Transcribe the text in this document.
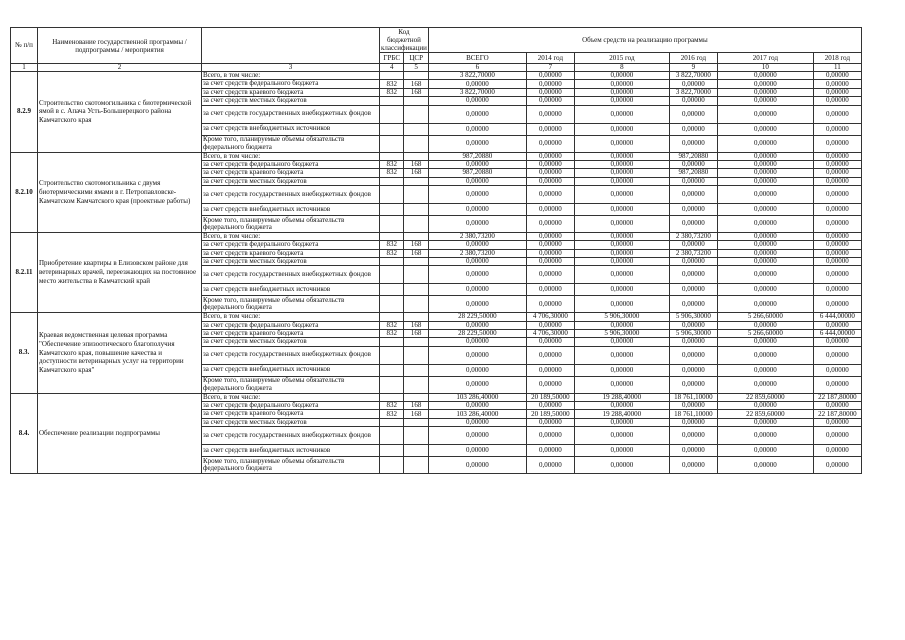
№ п/п	Наименование государственной программы / подпрограммы / мероприятия		Код бюджетной классификации		Объем средств на реализацию программы					
			ГРБС	ЦСР	ВСЕГО	2014 год	2015 год	2016 год	2017 год	2018 год
1	2	3	4	5	6	7	8	9	10	11
8.2.9	Строительство скотомогильника с биотермической ямой в с. Апача Усть-Большерецкого района Камчатского края	Всего, в том числе:			3 822,70000	0,00000	0,00000	3 822,70000	0,00000	0,00000
		за счет средств федерального бюджета	832	168	0,00000	0,00000	0,00000	0,00000	0,00000	0,00000
		за счет средств краевого бюджета	832	168	3 822,70000	0,00000	0,00000	3 822,70000	0,00000	0,00000
		за счет средств местных бюджетов			0,00000	0,00000	0,00000	0,00000	0,00000	0,00000
		за счет средств государственных внебюджетных фондов			0,00000	0,00000	0,00000	0,00000	0,00000	0,00000
		за счет средств внебюджетных источников			0,00000	0,00000	0,00000	0,00000	0,00000	0,00000
		Кроме того, планируемые объемы обязательств федерального бюджета			0,00000	0,00000	0,00000	0,00000	0,00000	0,00000
8.2.10	Строительство скотомогильника с двумя биотермическими ямами в г. Петропавловске-Камчатском Камчатского края (проектные работы)	Всего, в том числе:			987,20880	0,00000	0,00000	987,20880	0,00000	0,00000
		за счет средств федерального бюджета	832	168	0,00000	0,00000	0,00000	0,00000	0,00000	0,00000
		за счет средств краевого бюджета	832	168	987,20880	0,00000	0,00000	987,20880	0,00000	0,00000
		за счет средств местных бюджетов			0,00000	0,00000	0,00000	0,00000	0,00000	0,00000
		за счет средств государственных внебюджетных фондов			0,00000	0,00000	0,00000	0,00000	0,00000	0,00000
		за счет средств внебюджетных источников			0,00000	0,00000	0,00000	0,00000	0,00000	0,00000
		Кроме того, планируемые объемы обязательств федерального бюджета			0,00000	0,00000	0,00000	0,00000	0,00000	0,00000
8.2.11	Приобретение квартиры в Елизовском районе для ветеринарных врачей, переезжающих на постоянное место жительства в Камчатский край	Всего, в том числе:			2 380,73200	0,00000	0,00000	2 380,73200	0,00000	0,00000
		за счет средств федерального бюджета	832	168	0,00000	0,00000	0,00000	0,00000	0,00000	0,00000
		за счет средств краевого бюджета	832	168	2 380,73200	0,00000	0,00000	2 380,73200	0,00000	0,00000
		за счет средств местных бюджетов			0,00000	0,00000	0,00000	0,00000	0,00000	0,00000
		за счет средств государственных внебюджетных фондов			0,00000	0,00000	0,00000	0,00000	0,00000	0,00000
		за счет средств внебюджетных источников			0,00000	0,00000	0,00000	0,00000	0,00000	0,00000
		Кроме того, планируемые объемы обязательств федерального бюджета			0,00000	0,00000	0,00000	0,00000	0,00000	0,00000
8.3.	Краевая ведомственная целевая программа "Обеспечение эпизоотического благополучия Камчатского края, повышение качества и доступности ветеринарных услуг на территории Камчатского края"	Всего, в том числе:			28 229,50000	4 706,30000	5 906,30000	5 906,30000	5 266,60000	6 444,00000
		за счет средств федерального бюджета	832	168	0,00000	0,00000	0,00000	0,00000	0,00000	0,00000
		за счет средств краевого бюджета	832	168	28 229,50000	4 706,30000	5 906,30000	5 906,30000	5 266,60000	6 444,00000
		за счет средств местных бюджетов			0,00000	0,00000	0,00000	0,00000	0,00000	0,00000
		за счет средств государственных внебюджетных фондов			0,00000	0,00000	0,00000	0,00000	0,00000	0,00000
		за счет средств внебюджетных источников			0,00000	0,00000	0,00000	0,00000	0,00000	0,00000
		Кроме того, планируемые объемы обязательств федерального бюджета			0,00000	0,00000	0,00000	0,00000	0,00000	0,00000
8.4.	Обеспечение реализации подпрограммы	Всего, в том числе:			103 286,40000	20 189,50000	19 288,40000	18 761,10000	22 859,60000	22 187,80000
		за счет средств федерального бюджета	832	168	0,00000	0,00000	0,00000	0,00000	0,00000	0,00000
		за счет средств краевого бюджета	832	168	103 286,40000	20 189,50000	19 288,40000	18 761,10000	22 859,60000	22 187,80000
		за счет средств местных бюджетов			0,00000	0,00000	0,00000	0,00000	0,00000	0,00000
		за счет средств государственных внебюджетных фондов			0,00000	0,00000	0,00000	0,00000	0,00000	0,00000
		за счет средств внебюджетных источников			0,00000	0,00000	0,00000	0,00000	0,00000	0,00000
		Кроме того, планируемые объемы обязательств федерального бюджета			0,00000	0,00000	0,00000	0,00000	0,00000	0,00000
